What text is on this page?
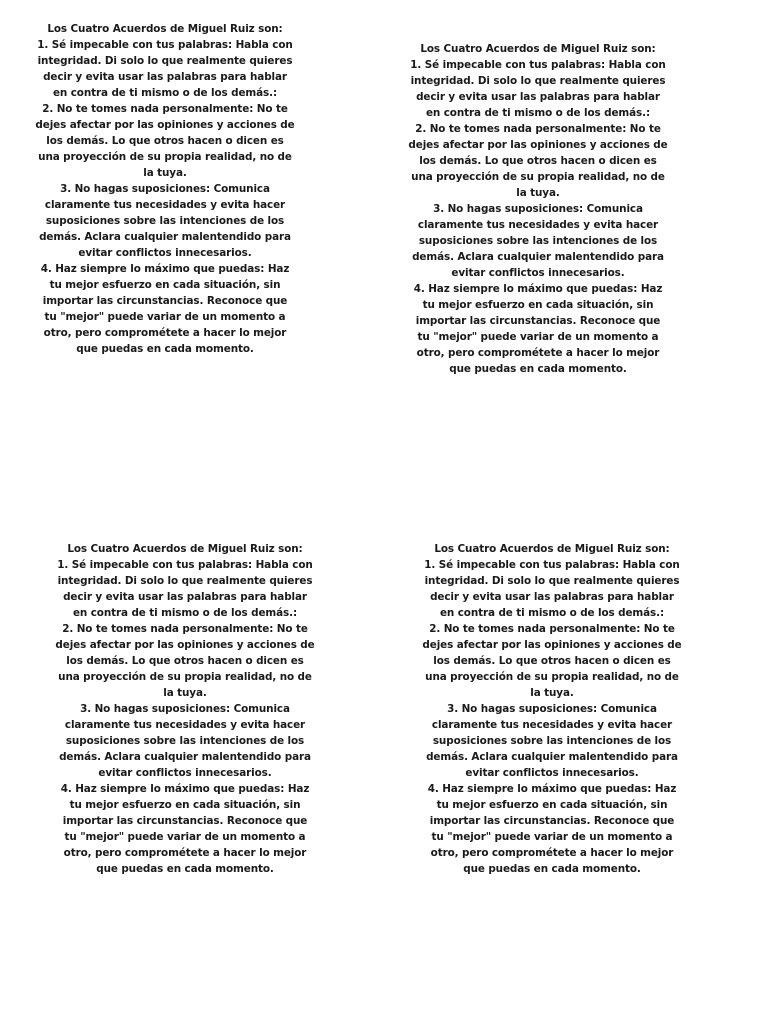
Los Cuatro Acuerdos de Miguel Ruiz son:
1. Sé impecable con tus palabras: Habla con
integridad. Di solo lo que realmente quieres
decir y evita usar las palabras para hablar
en contra de ti mismo o de los demás.:
2. No te tomes nada personalmente: No te
dejes afectar por las opiniones y acciones de
los demás. Lo que otros hacen o dicen es
una proyección de su propia realidad, no de
la tuya.
3. No hagas suposiciones: Comunica
claramente tus necesidades y evita hacer
suposiciones sobre las intenciones de los
demás. Aclara cualquier malentendido para
evitar conflictos innecesarios.
4. Haz siempre lo máximo que puedas: Haz
tu mejor esfuerzo en cada situación, sin
importar las circunstancias. Reconoce que
tu "mejor" puede variar de un momento a
otro, pero comprométete a hacer lo mejor
que puedas en cada momento.
Los Cuatro Acuerdos de Miguel Ruiz son:
1. Sé impecable con tus palabras: Habla con
integridad. Di solo lo que realmente quieres
decir y evita usar las palabras para hablar
en contra de ti mismo o de los demás.:
2. No te tomes nada personalmente: No te
dejes afectar por las opiniones y acciones de
los demás. Lo que otros hacen o dicen es
una proyección de su propia realidad, no de
la tuya.
3. No hagas suposiciones: Comunica
claramente tus necesidades y evita hacer
suposiciones sobre las intenciones de los
demás. Aclara cualquier malentendido para
evitar conflictos innecesarios.
4. Haz siempre lo máximo que puedas: Haz
tu mejor esfuerzo en cada situación, sin
importar las circunstancias. Reconoce que
tu "mejor" puede variar de un momento a
otro, pero comprométete a hacer lo mejor
que puedas en cada momento.
Los Cuatro Acuerdos de Miguel Ruiz son:
1. Sé impecable con tus palabras: Habla con
integridad. Di solo lo que realmente quieres
decir y evita usar las palabras para hablar
en contra de ti mismo o de los demás.:
2. No te tomes nada personalmente: No te
dejes afectar por las opiniones y acciones de
los demás. Lo que otros hacen o dicen es
una proyección de su propia realidad, no de
la tuya.
3. No hagas suposiciones: Comunica
claramente tus necesidades y evita hacer
suposiciones sobre las intenciones de los
demás. Aclara cualquier malentendido para
evitar conflictos innecesarios.
4. Haz siempre lo máximo que puedas: Haz
tu mejor esfuerzo en cada situación, sin
importar las circunstancias. Reconoce que
tu "mejor" puede variar de un momento a
otro, pero comprométete a hacer lo mejor
que puedas en cada momento.
Los Cuatro Acuerdos de Miguel Ruiz son:
1. Sé impecable con tus palabras: Habla con
integridad. Di solo lo que realmente quieres
decir y evita usar las palabras para hablar
en contra de ti mismo o de los demás.:
2. No te tomes nada personalmente: No te
dejes afectar por las opiniones y acciones de
los demás. Lo que otros hacen o dicen es
una proyección de su propia realidad, no de
la tuya.
3. No hagas suposiciones: Comunica
claramente tus necesidades y evita hacer
suposiciones sobre las intenciones de los
demás. Aclara cualquier malentendido para
evitar conflictos innecesarios.
4. Haz siempre lo máximo que puedas: Haz
tu mejor esfuerzo en cada situación, sin
importar las circunstancias. Reconoce que
tu "mejor" puede variar de un momento a
otro, pero comprométete a hacer lo mejor
que puedas en cada momento.
